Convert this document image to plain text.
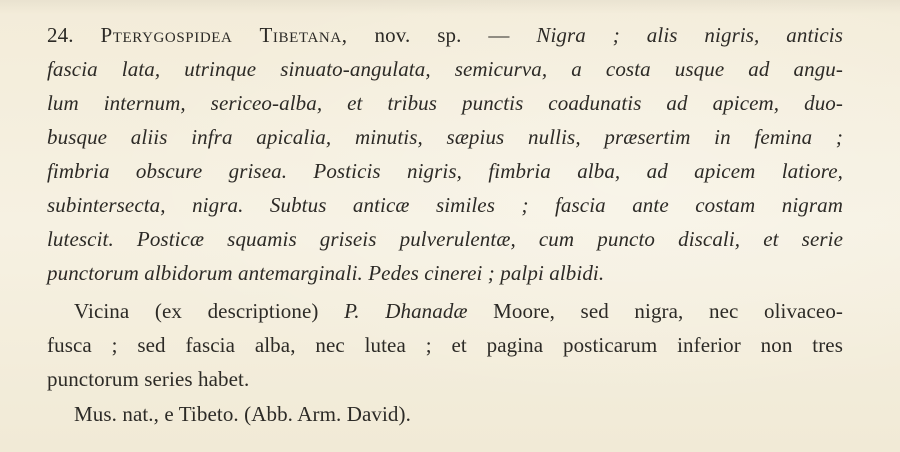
24. Pterygospidea Tibetana, nov. sp. — Nigra ; alis nigris, anticis
fascia lata, utrinque sinuato-angulata, semicurva, a costa usque ad angu-
lum internum, sericeo-alba, et tribus punctis coadunatis ad apicem, duo-
busque aliis infra apicalia, minutis, sæpius nullis, præsertim in femina ;
fimbria obscure grisea. Posticis nigris, fimbria alba, ad apicem latiore,
subintersecta, nigra. Subtus anticæ similes ; fascia ante costam nigram
lutescit. Posticæ squamis griseis pulverulentæ, cum puncto discali, et serie
punctorum albidorum antemarginali. Pedes cinerei ; palpi albidi.
Vicina (ex descriptione) P. Dhanadæ Moore, sed nigra, nec olivaceo-
fusca ; sed fascia alba, nec lutea ; et pagina posticarum inferior non tres
punctorum series habet.
Mus. nat., e Tibeto. (Abb. Arm. David).
